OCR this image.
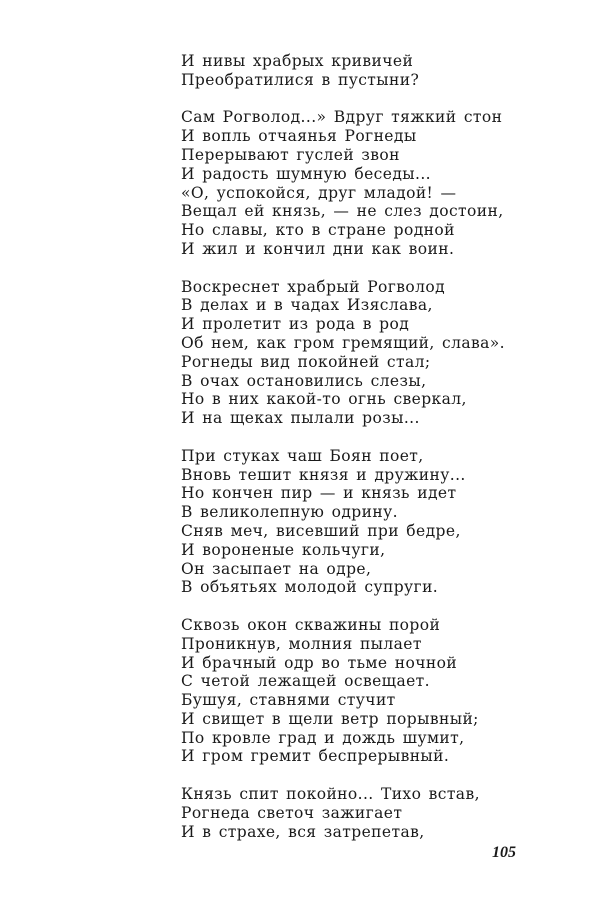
И нивы храбрых кривичей
Преобратилися в пустыни?
Сам Рогволод...» Вдруг тяжкий стон
И вопль отчаянья Рогнеды
Перерывают гуслей звон
И радость шумную беседы...
«О, успокойся, друг младой! —
Вещал ей князь, — не слез достоин,
Но славы, кто в стране родной
И жил и кончил дни как воин.
Воскреснет храбрый Рогволод
В делах и в чадах Изяслава,
И пролетит из рода в род
Об нем, как гром гремящий, слава».
Рогнеды вид покойней стал;
В очах остановились слезы,
Но в них какой-то огнь сверкал,
И на щеках пылали розы...
При стуках чаш Боян поет,
Вновь тешит князя и дружину...
Но кончен пир — и князь идет
В великолепную одрину.
Сняв меч, висевший при бедре,
И вороненые кольчуги,
Он засыпает на одре,
В объятьях молодой супруги.
Сквозь окон скважины порой
Проникнув, молния пылает
И брачный одр во тьме ночной
С четой лежащей освещает.
Бушуя, ставнями стучит
И свищет в щели ветр порывный;
По кровле град и дождь шумит,
И гром гремит беспрерывный.
Князь спит покойно... Тихо встав,
Рогнеда светоч зажигает
И в страхе, вся затрепетав,
105
